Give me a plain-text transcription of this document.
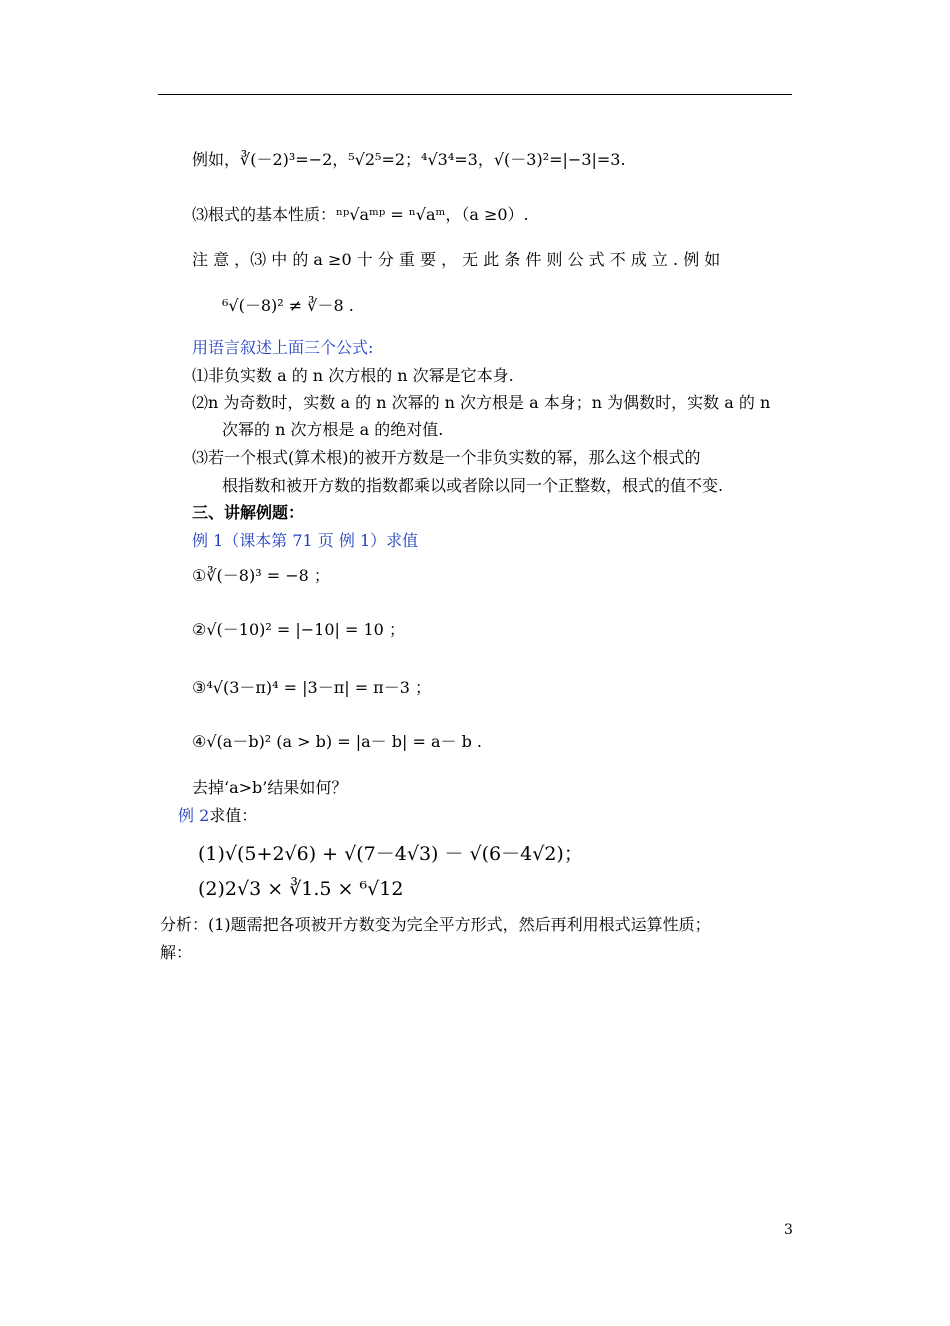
例如，∛(－2)³=−2，⁵√2⁵=2；⁴√3⁴=3，√(－3)²=|−3|=3.
⑶根式的基本性质：ⁿᵖ√aᵐᵖ = ⁿ√aᵐ，（a ≥0）.
注 意 ，⑶ 中 的 a ≥0 十 分 重 要 ， 无 此 条 件 则 公 式 不 成 立 . 例 如
⁶√(－8)² ≠ ∛－8 .
用语言叙述上面三个公式:
⑴非负实数 a 的 n 次方根的 n 次幂是它本身.
⑵n 为奇数时，实数 a 的 n 次幂的 n 次方根是 a 本身；n 为偶数时，实数 a 的 n
次幂的 n 次方根是 a 的绝对值.
⑶若一个根式(算术根)的被开方数是一个非负实数的幂，那么这个根式的
根指数和被开方数的指数都乘以或者除以同一个正整数，根式的值不变.
三、讲解例题：
例 1（课本第 71 页 例 1）求值
①∛(－8)³ = −8 ；
②√(－10)² = |−10| = 10 ；
③⁴√(3－π)⁴ = |3－π| = π－3 ；
④√(a－b)² (a > b) = |a－ b| = a－ b .
去掉‘a>b’结果如何？
例 2求值：
(1)√(5+2√6) + √(7－4√3) － √(6－4√2)；
(2)2√3 × ∛1.5 × ⁶√12
分析：(1)题需把各项被开方数变为完全平方形式，然后再利用根式运算性质；
解：
3
